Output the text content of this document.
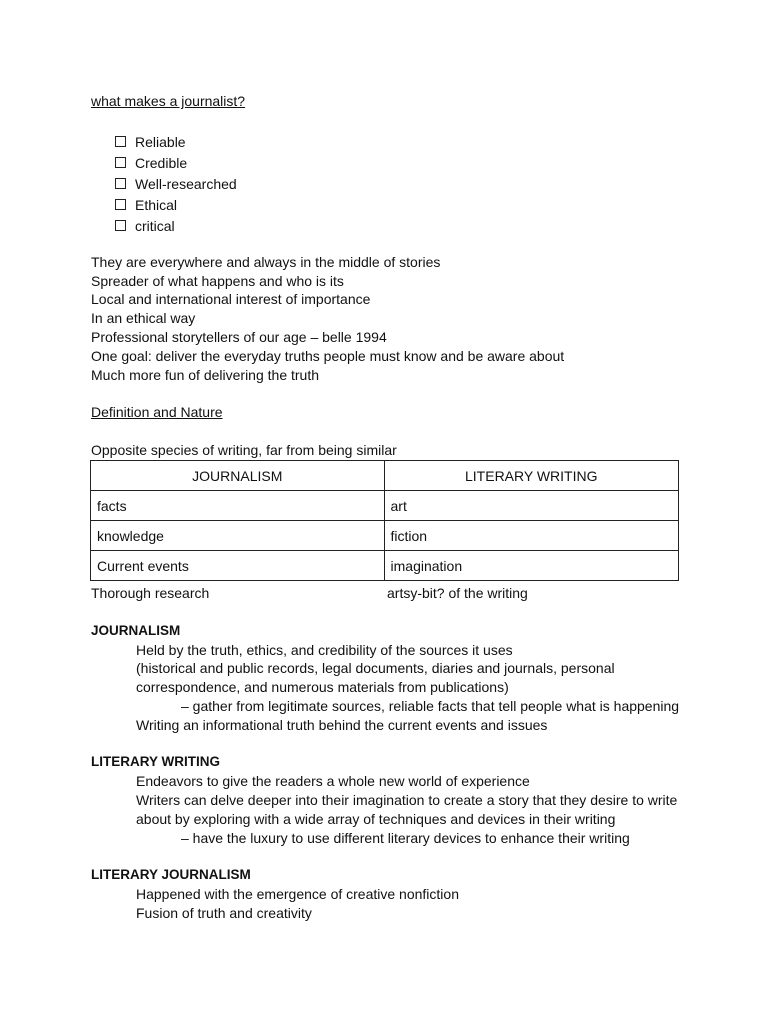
what makes a journalist?
Reliable
Credible
Well-researched
Ethical
critical
They are everywhere and always in the middle of stories
Spreader of what happens and who is its
Local and international interest of importance
In an ethical way
Professional storytellers of our age – belle 1994
One goal: deliver the everyday truths people must know and be aware about
Much more fun of delivering the truth
Definition and Nature
Opposite species of writing, far from being similar
JOURNALISM	LITERARY WRITING
facts	art
knowledge	fiction
Current events	imagination
Thorough research	artsy-bit? of the writing
JOURNALISM
Held by the truth, ethics, and credibility of the sources it uses
(historical and public records, legal documents, diaries and journals, personal
correspondence, and numerous materials from publications)
– gather from legitimate sources, reliable facts that tell people what is happening
Writing an informational truth behind the current events and issues
LITERARY WRITING
Endeavors to give the readers a whole new world of experience
Writers can delve deeper into their imagination to create a story that they desire to write
about by exploring with a wide array of techniques and devices in their writing
– have the luxury to use different literary devices to enhance their writing
LITERARY JOURNALISM
Happened with the emergence of creative nonfiction
Fusion of truth and creativity
